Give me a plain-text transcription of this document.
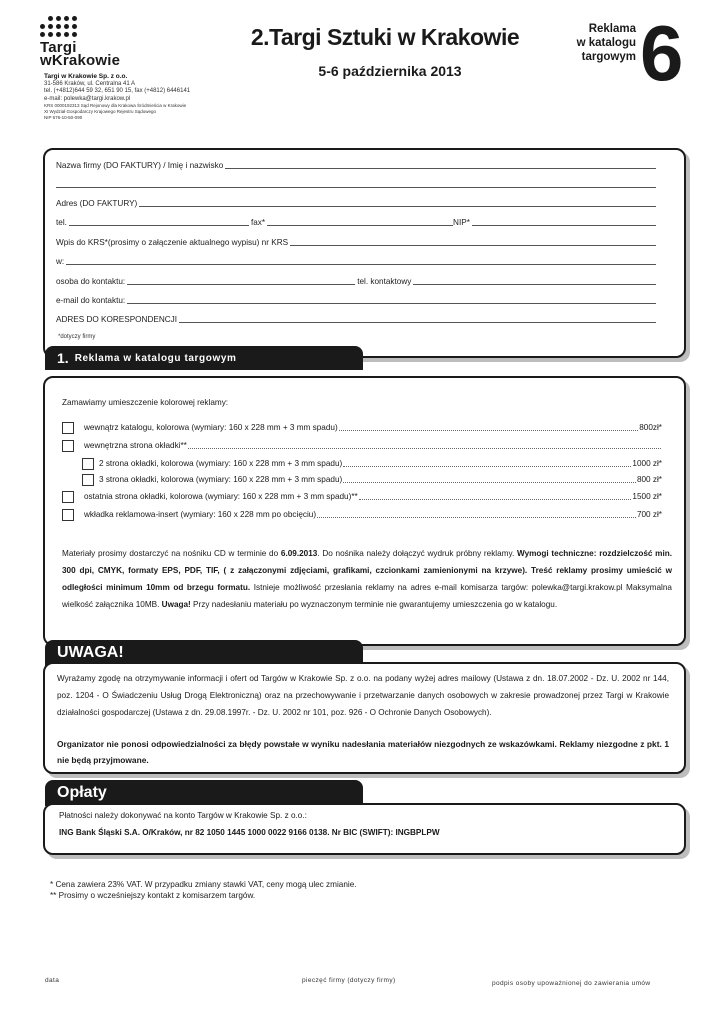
Targi
wKrakowie
Targi w Krakowie Sp. z o.o.
31-586 Kraków, ul. Centralna 41 A
tel. (+4812)644 59 32, 651 90 15, fax (+4812) 6446141
e-mail: polewka@targi.krakow.pl
KRS 0000192313 Sąd Rejonowy dla Krakowa Śródmieścia w Krakowie
XI Wydział Gospodarczy Krajowego Rejestru Sądowego
NIP 676-10-50-090
2.Targi Sztuki w Krakowie
5-6 października 2013
Reklama
w katalogu
targowym 6
Nazwa firmy (DO FAKTURY) / Imię i nazwisko
Adres (DO FAKTURY)
tel.	fax*	NIP*
Wpis do KRS*(prosimy o załączenie aktualnego wypisu) nr KRS
w:
osoba do kontaktu:	tel. kontaktowy
e-mail do kontaktu:
ADRES DO KORESPONDENCJI
*dotyczy firmy
1. Reklama w katalogu targowym
Zamawiamy umieszczenie kolorowej reklamy:
wewnątrz katalogu, kolorowa (wymiary: 160 x 228 mm + 3 mm spadu)	800zł*
wewnętrzna strona okładki**
2 strona okładki, kolorowa (wymiary: 160 x 228 mm + 3 mm spadu)	1000 zł*
3 strona okładki, kolorowa (wymiary: 160 x 228 mm + 3 mm spadu)	800 zł*
ostatnia strona okładki, kolorowa (wymiary: 160 x 228 mm + 3 mm spadu)**	1500 zł*
wkładka reklamowa-insert (wymiary: 160 x 228 mm po obcięciu)	700 zł*
Materiały prosimy dostarczyć na nośniku CD w terminie do 6.09.2013. Do nośnika należy dołączyć wydruk próbny reklamy. Wymogi techniczne: rozdzielczość min. 300 dpi, CMYK, formaty EPS, PDF, TIF, ( z załączonymi zdjęciami, grafikami, czcionkami zamienionymi na krzywe). Treść reklamy prosimy umieścić w odległości minimum 10mm od brzegu formatu. Istnieje możliwość przesłania reklamy na adres e-mail komisarza targów: polewka@targi.krakow.pl Maksymalna wielkość załącznika 10MB. Uwaga! Przy nadesłaniu materiału po wyznaczonym terminie nie gwarantujemy umieszczenia go w katalogu.
UWAGA!
Wyrażamy zgodę na otrzymywanie informacji i ofert od Targów w Krakowie Sp. z o.o. na podany wyżej adres mailowy (Ustawa z dn. 18.07.2002 - Dz. U. 2002 nr 144, poz. 1204 - O Świadczeniu Usług Drogą Elektroniczną) oraz na przechowywanie i przetwarzanie danych osobowych w zakresie prowadzonej przez Targi w Krakowie działalności gospodarczej (Ustawa z dn. 29.08.1997r. - Dz. U. 2002 nr 101, poz. 926 - O Ochronie Danych Osobowych).
Organizator nie ponosi odpowiedzialności za błędy powstałe w wyniku nadesłania materiałów niezgodnych ze wskazówkami. Reklamy niezgodne z pkt. 1 nie będą przyjmowane.
Opłaty
Płatności należy dokonywać na konto Targów w Krakowie Sp. z o.o.:
ING Bank Śląski S.A. O/Kraków, nr 82 1050 1445 1000 0022 9166 0138. Nr BIC (SWIFT): INGBPLPW
* Cena zawiera 23% VAT. W przypadku zmiany stawki VAT, ceny mogą ulec zmianie.
** Prosimy o wcześniejszy kontakt z komisarzem targów.
data	pieczęć firmy (dotyczy firmy)	podpis osoby upoważnionej do zawierania umów
